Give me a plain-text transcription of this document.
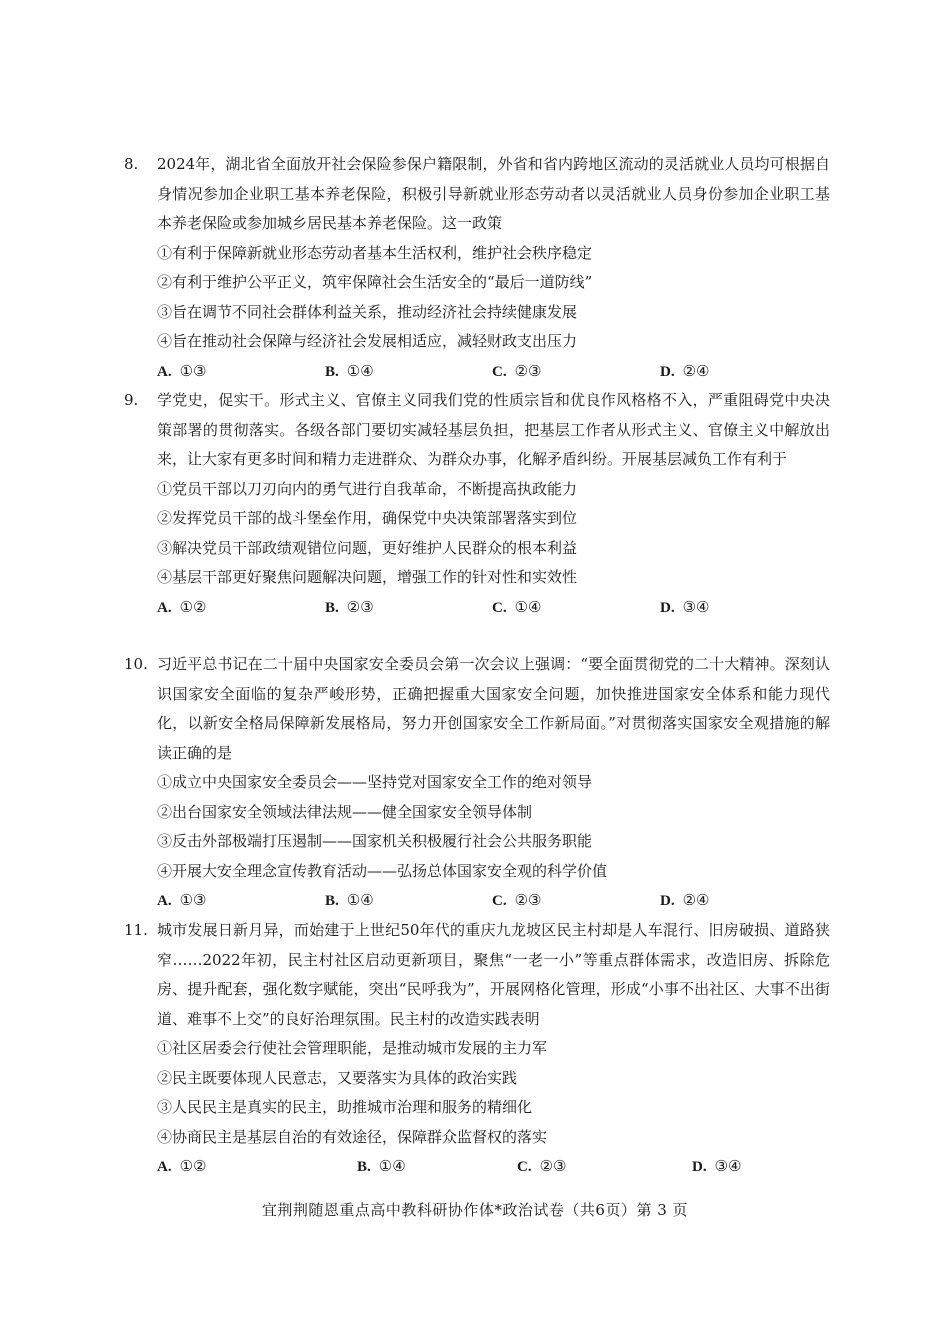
8. 2024年，湖北省全面放开社会保险参保户籍限制，外省和省内跨地区流动的灵活就业人员均可根据自身情况参加企业职工基本养老保险，积极引导新就业形态劳动者以灵活就业人员身份参加企业职工基本养老保险或参加城乡居民基本养老保险。这一政策
①有利于保障新就业形态劳动者基本生活权利，维护社会秩序稳定
②有利于维护公平正义，筑牢保障社会生活安全的“最后一道防线”
③旨在调节不同社会群体利益关系，推动经济社会持续健康发展
④旨在推动社会保障与经济社会发展相适应，减轻财政支出压力
A. ①③	B. ①④	C. ②③	D. ②④
9. 学党史，促实干。形式主义、官僚主义同我们党的性质宗旨和优良作风格格不入，严重阻碍党中央决策部署的贯彻落实。各级各部门要切实减轻基层负担，把基层工作者从形式主义、官僚主义中解放出来，让大家有更多时间和精力走进群众、为群众办事，化解矛盾纠纷。开展基层减负工作有利于
①党员干部以刀刃向内的勇气进行自我革命，不断提高执政能力
②发挥党员干部的战斗堡垒作用，确保党中央决策部署落实到位
③解决党员干部政绩观错位问题，更好维护人民群众的根本利益
④基层干部更好聚焦问题解决问题，增强工作的针对性和实效性
A. ①②	B. ②③	C. ①④	D. ③④
10. 习近平总书记在二十届中央国家安全委员会第一次会议上强调：“要全面贯彻党的二十大精神。深刻认识国家安全面临的复杂严峻形势，正确把握重大国家安全问题，加快推进国家安全体系和能力现代化，以新安全格局保障新发展格局，努力开创国家安全工作新局面。”对贯彻落实国家安全观措施的解读正确的是
①成立中央国家安全委员会——坚持党对国家安全工作的绝对领导
②出台国家安全领域法律法规——健全国家安全领导体制
③反击外部极端打压遏制——国家机关积极履行社会公共服务职能
④开展大安全理念宣传教育活动——弘扬总体国家安全观的科学价值
A. ①③	B. ①④	C. ②③	D. ②④
11. 城市发展日新月异，而始建于上世纪50年代的重庆九龙坡区民主村却是人车混行、旧房破损、道路狭窄……2022年初，民主村社区启动更新项目，聚焦“一老一小”等重点群体需求，改造旧房、拆除危房、提升配套，强化数字赋能，突出“民呼我为”，开展网格化管理，形成“小事不出社区、大事不出街道、难事不上交”的良好治理氛围。民主村的改造实践表明
①社区居委会行使社会管理职能，是推动城市发展的主力军
②民主既要体现人民意志，又要落实为具体的政治实践
③人民民主是真实的民主，助推城市治理和服务的精细化
④协商民主是基层自治的有效途径，保障群众监督权的落实
A. ①②	B. ①④	C. ②③	D. ③④
宜荆荆随恩重点高中教科研协作体*政治试卷（共6页）第 3 页
